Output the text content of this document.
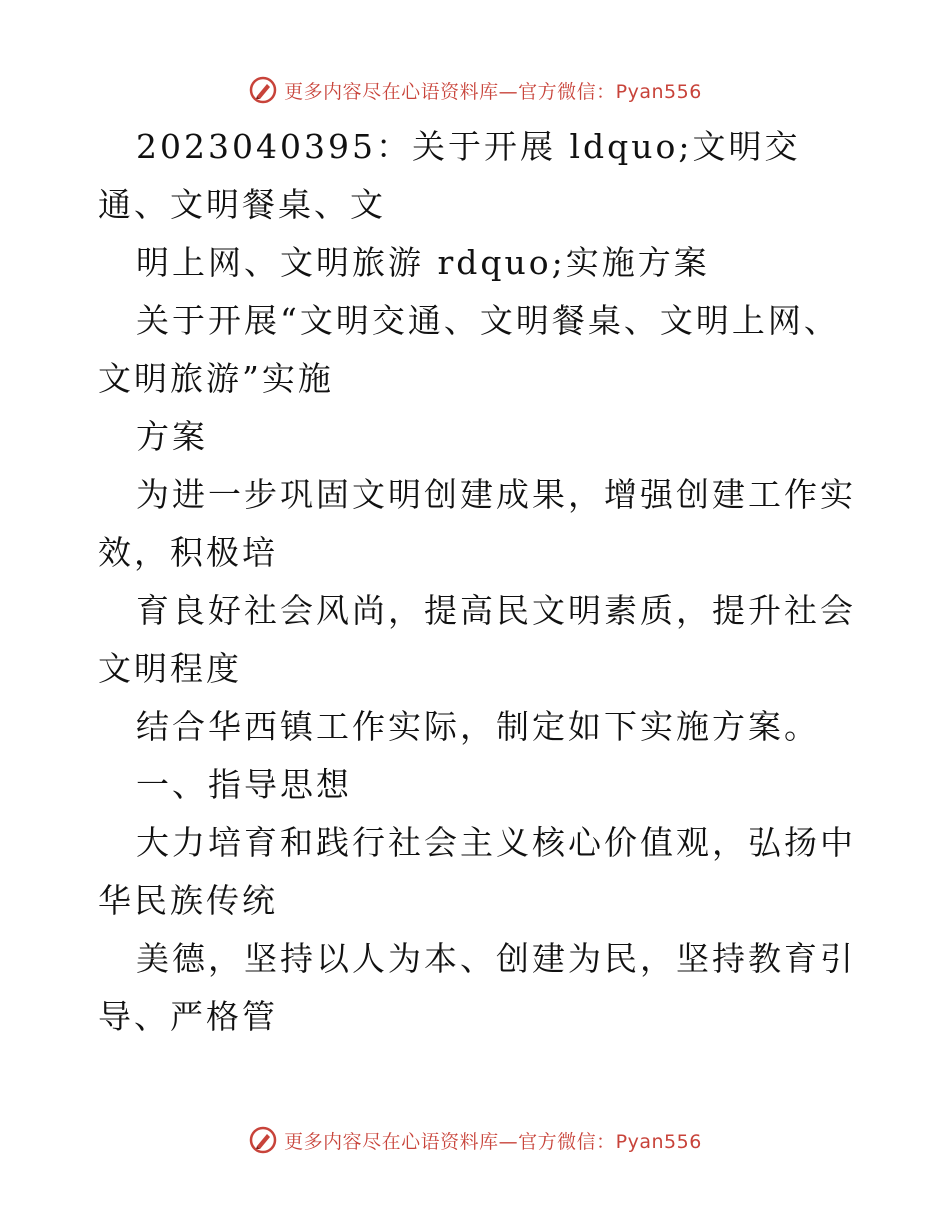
更多内容尽在心语资料库—官方微信：Pyan556

2023040395：关于开展 ldquo;文明交通、文明餐桌、文

明上网、文明旅游 rdquo;实施方案

关于开展“文明交通、文明餐桌、文明上网、文明旅游”实施

方案

为进一步巩固文明创建成果，增强创建工作实效，积极培

育良好社会风尚，提高民文明素质，提升社会文明程度

结合华西镇工作实际，制定如下实施方案。

一、指导思想

大力培育和践行社会主义核心价值观，弘扬中华民族传统

美德，坚持以人为本、创建为民，坚持教育引导、严格管

更多内容尽在心语资料库—官方微信：Pyan556
